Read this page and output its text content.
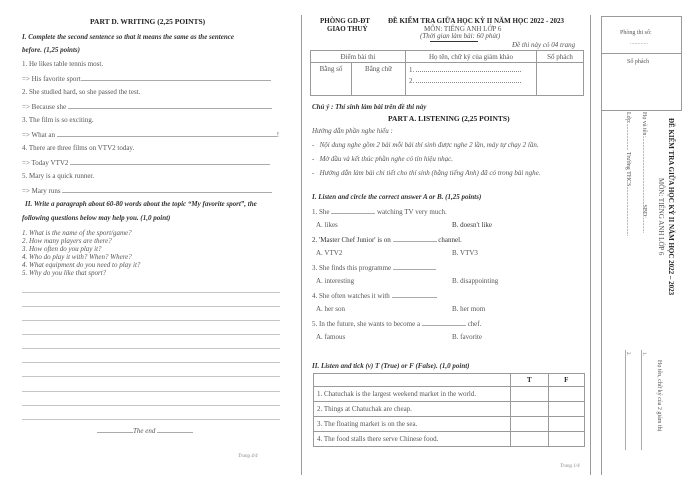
PART D. WRITING (2,25 POINTS)
I. Complete the second sentence so that it means the same as the sentence
before. (1,25 points)
1. He likes table tennis most.
=> His favorite sport
2. She studied hard, so she passed the test.
=> Because she
3. The film is so exciting.
=> What an	!
4. There are three films on VTV2 today.
=> Today VTV2
5. Mary is a quick runner.
=> Mary runs
II. Write a paragraph about 60-80 words about the topic “My favorite sport”, the
following questions below may help you. (1,0 point)
1. What is the name of the sport/game?
2. How many players are there?
3. How often do you play it?
4. Who do play it with? When? Where?
4. What equipment do you need to play it?
5. Why do you like that sport?
The end
Trang 4/4
PHÒNG GD-ĐT
GIAO THUỶ
ĐỀ KIỂM TRA GIỮA HỌC KỲ II NĂM HỌC 2022 - 2023
MÔN: TIẾNG ANH LỚP 6
(Thời gian làm bài: 60 phút)
Đề thi này có 04 trang
Điểm bài thi		Họ tên, chữ ký của giám khảo	Số phách
Bằng số	Bằng chữ	1.
2.	

Chú ý : Thí sinh làm bài trên đề thi này
PART A. LISTENING (2,25 POINTS)
Hướng dẫn phần nghe hiểu :
-   Nội dung nghe gồm 2 bài mỗi bài thí sinh được nghe 2 lần, máy tự chạy 2 lần.
-   Mở đầu và kết thúc phần nghe có tín hiệu nhạc.
-   Hướng dẫn làm bài chi tiết cho thí sinh (bằng tiếng Anh) đã có trong bài nghe.
I. Listen and circle the correct answer A or B. (1,25 points)
1. She	watching TV very much.
A. likes	B. doesn't like
2. 'Master Chef Junior' is on	channel.
A. VTV2	B. VTV3
3. She finds this programme	.
A. interesting	B. disappointing
4. She often watches it with	.
A. her son	B. her mom
5. In the future, she wants to become a	chef.
A. famous	B. favorite
II. Listen and tick (v) T (True) or F (False). (1,0 point)
	T	F
1. Chatuchak is the largest weekend market in the world.		
2. Things at Chatuchak are cheap.		
3. The floating market is on the sea.		
4. The food stalls there serve Chinese food.		
Trang 1/4
Phòng thi số:
............
Số phách
ĐỀ KIỂM TRA GIỮA HỌC KỲ II NĂM HỌC 2022 – 2023
MÔN: TIẾNG ANH LỚP 6
Họ và tên:.............................................SBD:..........
Lớp:.................. Trường THCS.................................
2. 1.
Họ tên, chữ ký của 2 giám thị
